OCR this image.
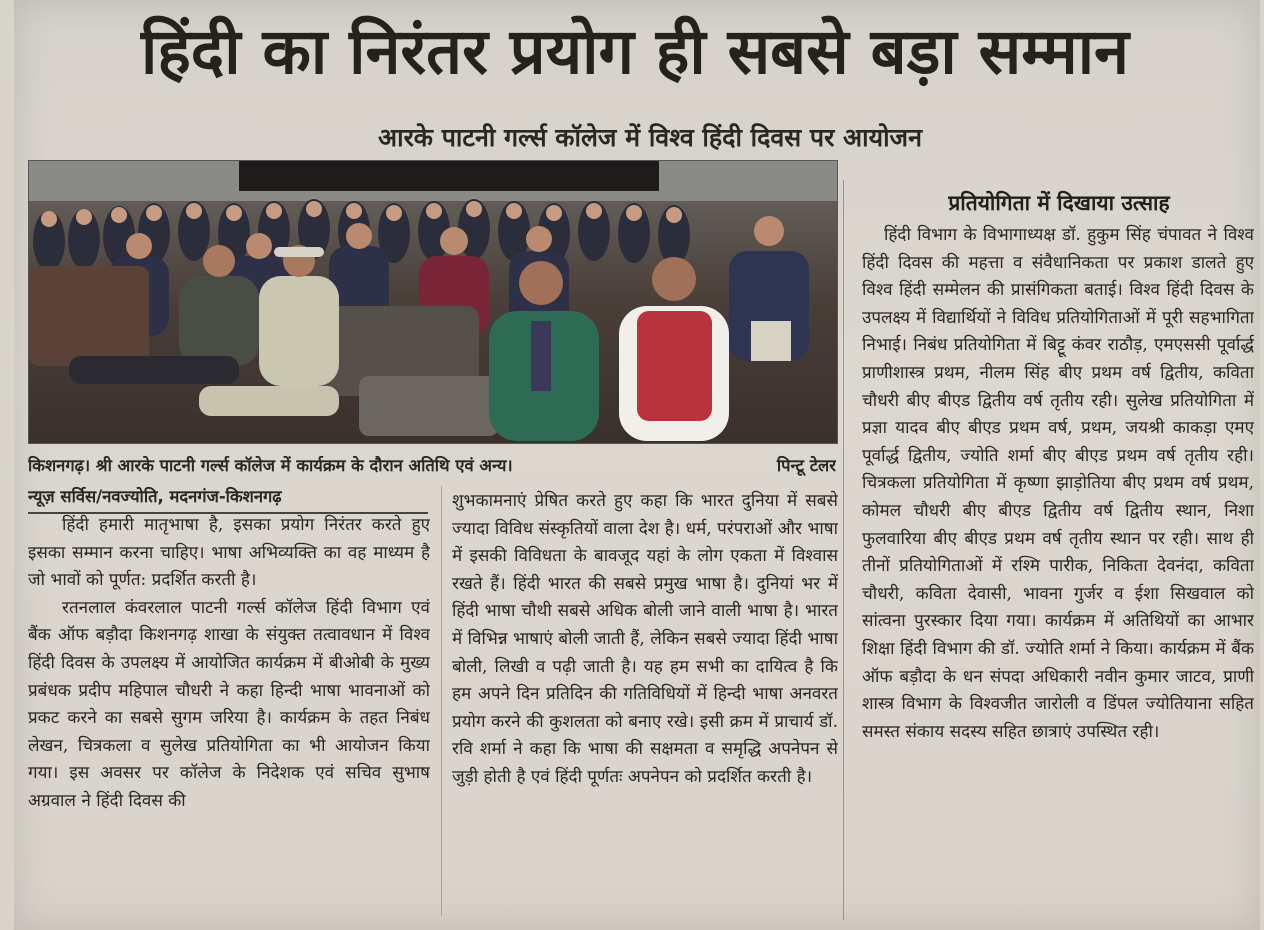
हिंदी का निरंतर प्रयोग ही सबसे बड़ा सम्मान
आरके पाटनी गर्ल्स कॉलेज में विश्व हिंदी दिवस पर आयोजन
किशनगढ़। श्री आरके पाटनी गर्ल्स कॉलेज में कार्यक्रम के दौरान अतिथि एवं अन्य।	पिन्टू टेलर
न्यूज़ सर्विस/नवज्योति, मदनगंज-किशनगढ़

हिंदी हमारी मातृभाषा है, इसका प्रयोग निरंतर करते हुए इसका सम्मान करना चाहिए। भाषा अभिव्यक्ति का वह माध्यम है जो भावों को पूर्णत: प्रदर्शित करती है।

रतनलाल कंवरलाल पाटनी गर्ल्स कॉलेज हिंदी विभाग एवं बैंक ऑफ बड़ौदा किशनगढ़ शाखा के संयुक्त तत्वावधान में विश्व हिंदी दिवस के उपलक्ष्य में आयोजित कार्यक्रम में बीओबी के मुख्य प्रबंधक प्रदीप महिपाल चौधरी ने कहा हिन्दी भाषा भावनाओं को प्रकट करने का सबसे सुगम जरिया है। कार्यक्रम के तहत निबंध लेखन, चित्रकला व सुलेख प्रतियोगिता का भी आयोजन किया गया। इस अवसर पर कॉलेज के निदेशक एवं सचिव सुभाष अग्रवाल ने हिंदी दिवस की

शुभकामनाएं प्रेषित करते हुए कहा कि भारत दुनिया में सबसे ज्यादा विविध संस्कृतियों वाला देश है। धर्म, परंपराओं और भाषा में इसकी विविधता के बावजूद यहां के लोग एकता में विश्वास रखते हैं। हिंदी भारत की सबसे प्रमुख भाषा है। दुनियां भर में हिंदी भाषा चौथी सबसे अधिक बोली जाने वाली भाषा है। भारत में विभिन्न भाषाएं बोली जाती हैं, लेकिन सबसे ज्यादा हिंदी भाषा बोली, लिखी व पढ़ी जाती है। यह हम सभी का दायित्व है कि हम अपने दिन प्रतिदिन की गतिविधियों में हिन्दी भाषा अनवरत प्रयोग करने की कुशलता को बनाए रखे। इसी क्रम में प्राचार्य डॉ. रवि शर्मा ने कहा कि भाषा की सक्षमता व समृद्धि अपनेपन से जुड़ी होती है एवं हिंदी पूर्णतः अपनेपन को प्रदर्शित करती है।

प्रतियोगिता में दिखाया उत्साह

हिंदी विभाग के विभागाध्यक्ष डॉ. हुकुम सिंह चंपावत ने विश्व हिंदी दिवस की महत्ता व संवैधानिकता पर प्रकाश डालते हुए विश्व हिंदी सम्मेलन की प्रासंगिकता बताई। विश्व हिंदी दिवस के उपलक्ष्य में विद्यार्थियों ने विविध प्रतियोगिताओं में पूरी सहभागिता निभाई। निबंध प्रतियोगिता में बिट्टू कंवर राठौड़, एमएससी पूर्वार्द्ध प्राणीशास्त्र प्रथम, नीलम सिंह बीए प्रथम वर्ष द्वितीय, कविता चौधरी बीए बीएड द्वितीय वर्ष तृतीय रही। सुलेख प्रतियोगिता में प्रज्ञा यादव बीए बीएड प्रथम वर्ष, प्रथम, जयश्री काकड़ा एमए पूर्वार्द्ध द्वितीय, ज्योति शर्मा बीए बीएड प्रथम वर्ष तृतीय रही। चित्रकला प्रतियोगिता में कृष्णा झाड़ोतिया बीए प्रथम वर्ष प्रथम, कोमल चौधरी बीए बीएड द्वितीय वर्ष द्वितीय स्थान, निशा फुलवारिया बीए बीएड प्रथम वर्ष तृतीय स्थान पर रही। साथ ही तीनों प्रतियोगिताओं में रश्मि पारीक, निकिता देवनंदा, कविता चौधरी, कविता देवासी, भावना गुर्जर व ईशा सिखवाल को सांत्वना पुरस्कार दिया गया। कार्यक्रम में अतिथियों का आभार शिक्षा हिंदी विभाग की डॉ. ज्योति शर्मा ने किया। कार्यक्रम में बैंक ऑफ बड़ौदा के धन संपदा अधिकारी नवीन कुमार जाटव, प्राणी शास्त्र विभाग के विश्वजीत जारोली व डिंपल ज्योतियाना सहित समस्त संकाय सदस्य सहित छात्राएं उपस्थित रही।
